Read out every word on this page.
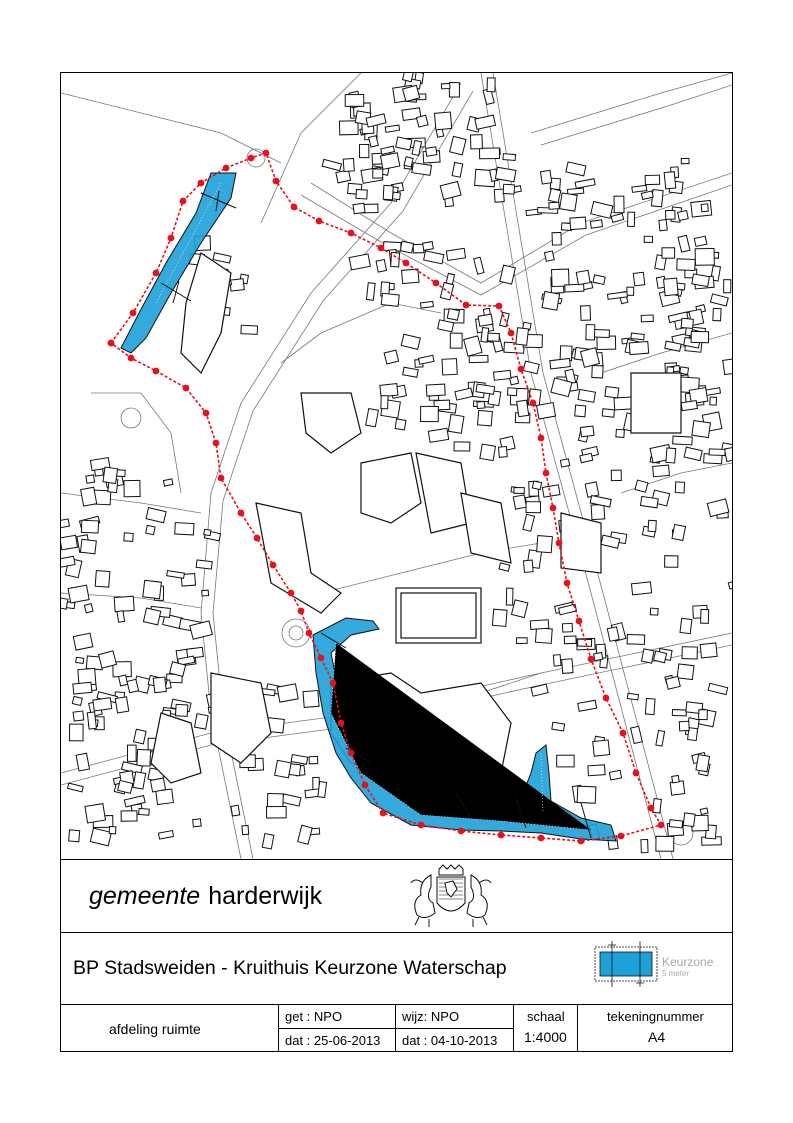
gemeente harderwijk
BP Stadsweiden - Kruithuis Keurzone Waterschap	Keurzone
5 meter
afdeling ruimte
get : NPO
dat : 25-06-2013
wijz: NPO
dat : 04-10-2013
schaal
1:4000
tekeningnummer
A4
